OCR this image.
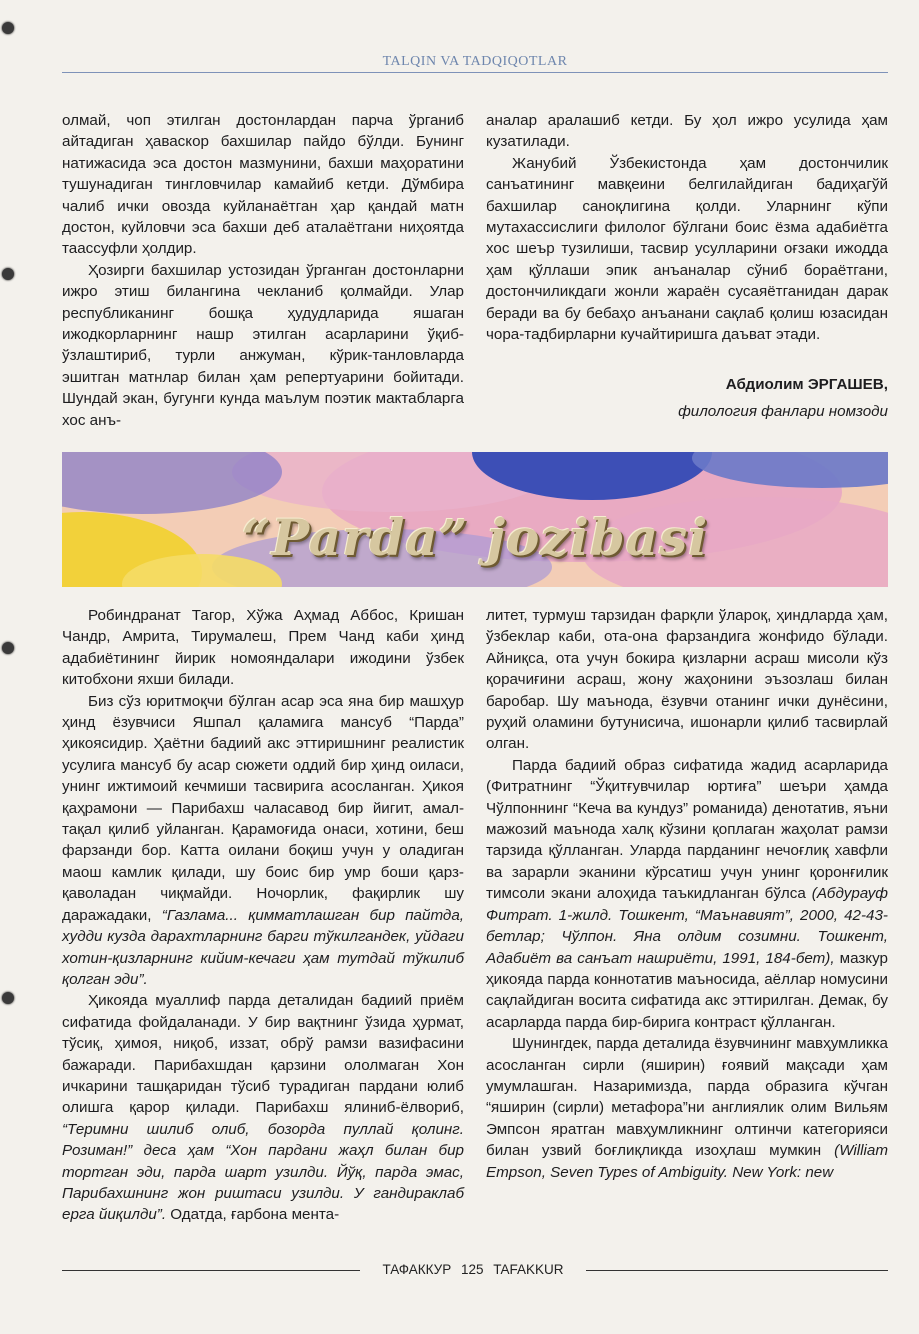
TALQIN VA TADQIQOTLAR

олмай, чоп этилган достонлардан парча ўрганиб айтадиган ҳаваскор бахшилар пайдо бўлди. Бунинг натижасида эса достон мазмунини, бахши маҳоратини тушунадиган тингловчилар камайиб кетди. Дўмбира чалиб ички овозда куйланаётган ҳар қандай матн достон, куйловчи эса бахши деб аталаётгани ниҳоятда таассуфли ҳолдир.

Ҳозирги бахшилар устозидан ўрганган достонларни ижро этиш билангина чекланиб қолмайди. Улар республиканинг бошқа ҳудудларида яшаган ижодкорларнинг нашр этилган асарларини ўқиб-ўзлаштириб, турли анжуман, кўрик-танловларда эшитган матнлар билан ҳам репертуарини бойитади. Шундай экан, бугунги кунда маълум поэтик мактабларга хос анъ-

аналар аралашиб кетди. Бу ҳол ижро усулида ҳам кузатилади.

Жанубий Ўзбекистонда ҳам достончилик санъатининг мавқеини белгилайдиган бадиҳагўй бахшилар саноқлигина қолди. Уларнинг кўпи мутахассислиги филолог бўлгани боис ёзма адабиётга хос шеър тузилиши, тасвир усулларини оғзаки ижодда ҳам қўллаши эпик анъаналар сўниб бораётгани, достончиликдаги жонли жараён сусаяётганидан дарак беради ва бу бебаҳо анъанани сақлаб қолиш юзасидан чора-тадбирларни кучайтиришга даъват этади.

Абдиолим ЭРГАШЕВ,
филология фанлари номзоди
“Parda” jozibasi

Робиндранат Тагор, Хўжа Аҳмад Аббос, Кришан Чандр, Амрита, Тирумалеш, Прем Чанд каби ҳинд адабиётининг йирик номояндалари ижодини ўзбек китобхони яхши билади.

Биз сўз юритмоқчи бўлган асар эса яна бир машҳур ҳинд ёзувчиси Яшпал қаламига мансуб “Парда” ҳикоясидир. Ҳаётни бадиий акс эттиришнинг реалистик усулига мансуб бу асар сюжети оддий бир ҳинд оиласи, унинг ижтимоий кечмиши тасвирига асосланган. Ҳикоя қаҳрамони — Парибахш чаласавод бир йигит, амал-тақал қилиб уйланган. Қарамоғида онаси, хотини, беш фарзанди бор. Катта оилани боқиш учун у оладиган маош камлик қилади, шу боис бир умр боши қарз-қаволадан чиқмайди. Ночорлик, фақирлик шу даражадаки, “Газлама... қимматлашган бир пайтда, худди кузда дарахтларнинг барги тўкилгандек, уйдаги хотин-қизларнинг кийим-кечаги ҳам тутдай тўкилиб қолган эди”.

Ҳикояда муаллиф парда деталидан бадиий приём сифатида фойдаланади. У бир вақтнинг ўзида ҳурмат, тўсиқ, ҳимоя, ниқоб, иззат, обрў рамзи вазифасини бажаради. Парибахшдан қарзини ололмаган Хон ичкарини ташқаридан тўсиб турадиган пардани юлиб олишга қарор қилади. Парибахш ялиниб-ёлвориб, “Теримни шилиб олиб, бозорда пуллай қолинг. Розиман!” деса ҳам “Хон пардани жаҳл билан бир тортган эди, парда шарт узилди. Йўқ, парда эмас, Парибахшнинг жон риштаси узилди. У гандираклаб ерга йиқилди”. Одатда, ғарбона мента-

литет, турмуш тарзидан фарқли ўлароқ, ҳиндларда ҳам, ўзбеклар каби, ота-она фарзандига жонфидо бўлади. Айниқса, ота учун бокира қизларни асраш мисоли кўз қорачиғини асраш, жону жаҳонини эъзозлаш билан баробар. Шу маънода, ёзувчи отанинг ички дунёсини, руҳий оламини бутунисича, ишонарли қилиб тасвирлай олган.

Парда бадиий образ сифатида жадид асарларида (Фитратнинг “Ўқитғувчилар юртиға” шеъри ҳамда Чўлпоннинг “Кеча ва кундуз” романида) денотатив, яъни мажозий маънода халқ кўзини қоплаган жаҳолат рамзи тарзида қўлланган. Уларда парданинг нечоғлиқ хавфли ва зарарли эканини кўрсатиш учун унинг қоронғилик тимсоли экани алоҳида таъкидланган бўлса (Абдурауф Фитрат. 1-жилд. Тошкент, “Маънавият”, 2000, 42-43-бетлар; Чўлпон. Яна олдим созимни. Тошкент, Адабиёт ва санъат нашриёти, 1991, 184-бет), мазкур ҳикояда парда коннотатив маъносида, аёллар номусини сақлайдиган восита сифатида акс эттирилган. Демак, бу асарларда парда бир-бирига контраст қўлланган.

Шунингдек, парда деталида ёзувчининг мавҳумликка асосланган сирли (яширин) ғоявий мақсади ҳам умумлашган. Назаримизда, парда образига кўчган “яширин (сирли) метафора”ни англиялик олим Вильям Эмпсон яратган мавҳумликнинг олтинчи категорияси билан узвий боғлиқликда изоҳлаш мумкин (William Empson, Seven Types of Ambiguity. New York: new

ТАФАККУР 125 TAFAKKUR
